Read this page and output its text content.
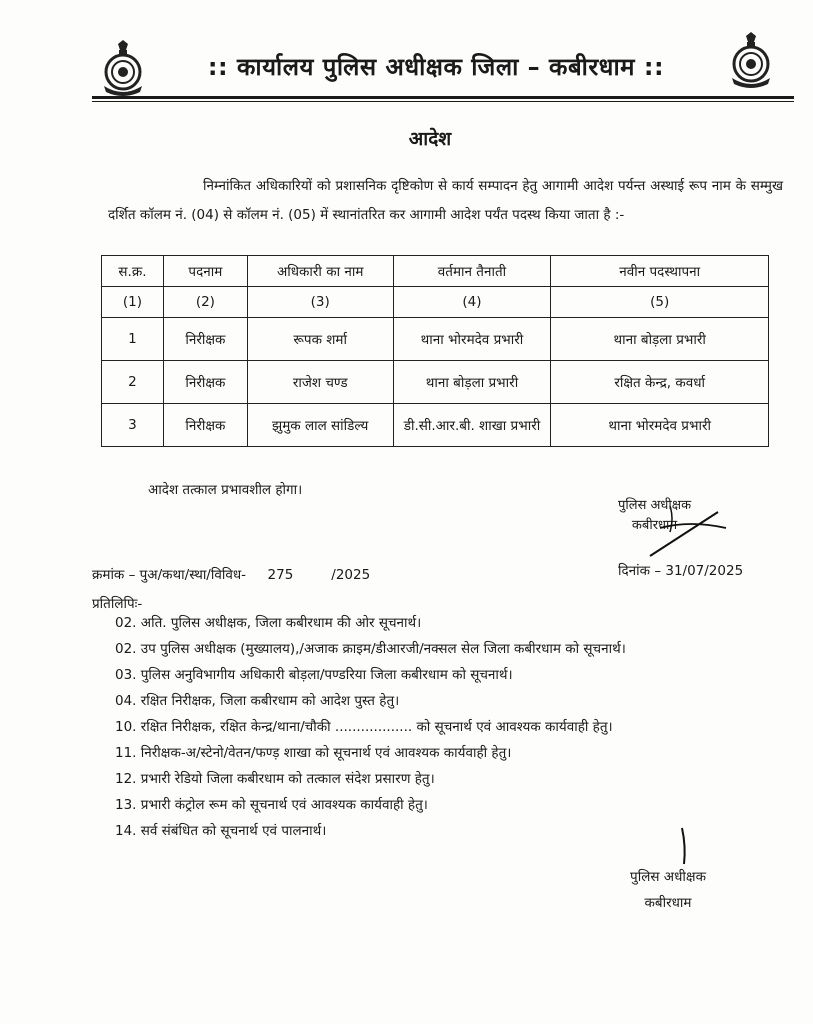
:: कार्यालय पुलिस अधीक्षक जिला – कबीरधाम ::
आदेश
निम्नांकित अधिकारियों को प्रशासनिक दृष्टिकोण से कार्य सम्पादन हेतु आगामी आदेश पर्यन्त अस्थाई रूप नाम के सम्मुख दर्शित कॉलम नं. (04) से कॉलम नं. (05) में स्थानांतरित कर आगामी आदेश पर्यंत पदस्थ किया जाता है :-
स.क्र.	पदनाम	अधिकारी का नाम	वर्तमान तैनाती	नवीन पदस्थापना
(1)	(2)	(3)	(4)	(5)
1	निरीक्षक	रूपक शर्मा	थाना भोरमदेव प्रभारी	थाना बोड़ला प्रभारी
2	निरीक्षक	राजेश चण्ड	थाना बोड़ला प्रभारी	रक्षित केन्द्र, कवर्धा
3	निरीक्षक	झुमुक लाल सांडिल्य	डी.सी.आर.बी. शाखा प्रभारी	थाना भोरमदेव प्रभारी
आदेश तत्काल प्रभावशील होगा।
पुलिस अधीक्षक
कबीरधाम
क्रमांक – पुअ/कथा/स्था/विविध- 275	/2025	दिनांक – 31/07/2025
प्रतिलिपिः-
02. अति. पुलिस अधीक्षक, जिला कबीरधाम की ओर सूचनार्थ।
02. उप पुलिस अधीक्षक (मुख्यालय),/अजाक क्राइम/डीआरजी/नक्सल सेल जिला कबीरधाम को सूचनार्थ।
03. पुलिस अनुविभागीय अधिकारी बोड़ला/पण्डरिया जिला कबीरधाम को सूचनार्थ।
04. रक्षित निरीक्षक, जिला कबीरधाम को आदेश पुस्त हेतु।
10. रक्षित निरीक्षक, रक्षित केन्द्र/थाना/चौकी .................. को सूचनार्थ एवं आवश्यक कार्यवाही हेतु।
11. निरीक्षक-अ/स्टेनो/वेतन/फण्ड़ शाखा को सूचनार्थ एवं आवश्यक कार्यवाही हेतु।
12. प्रभारी रेडियो जिला कबीरधाम को तत्काल संदेश प्रसारण हेतु।
13. प्रभारी कंट्रोल रूम को सूचनार्थ एवं आवश्यक कार्यवाही हेतु।
14. सर्व संबंधित को सूचनार्थ एवं पालनार्थ।
पुलिस अधीक्षक
कबीरधाम
